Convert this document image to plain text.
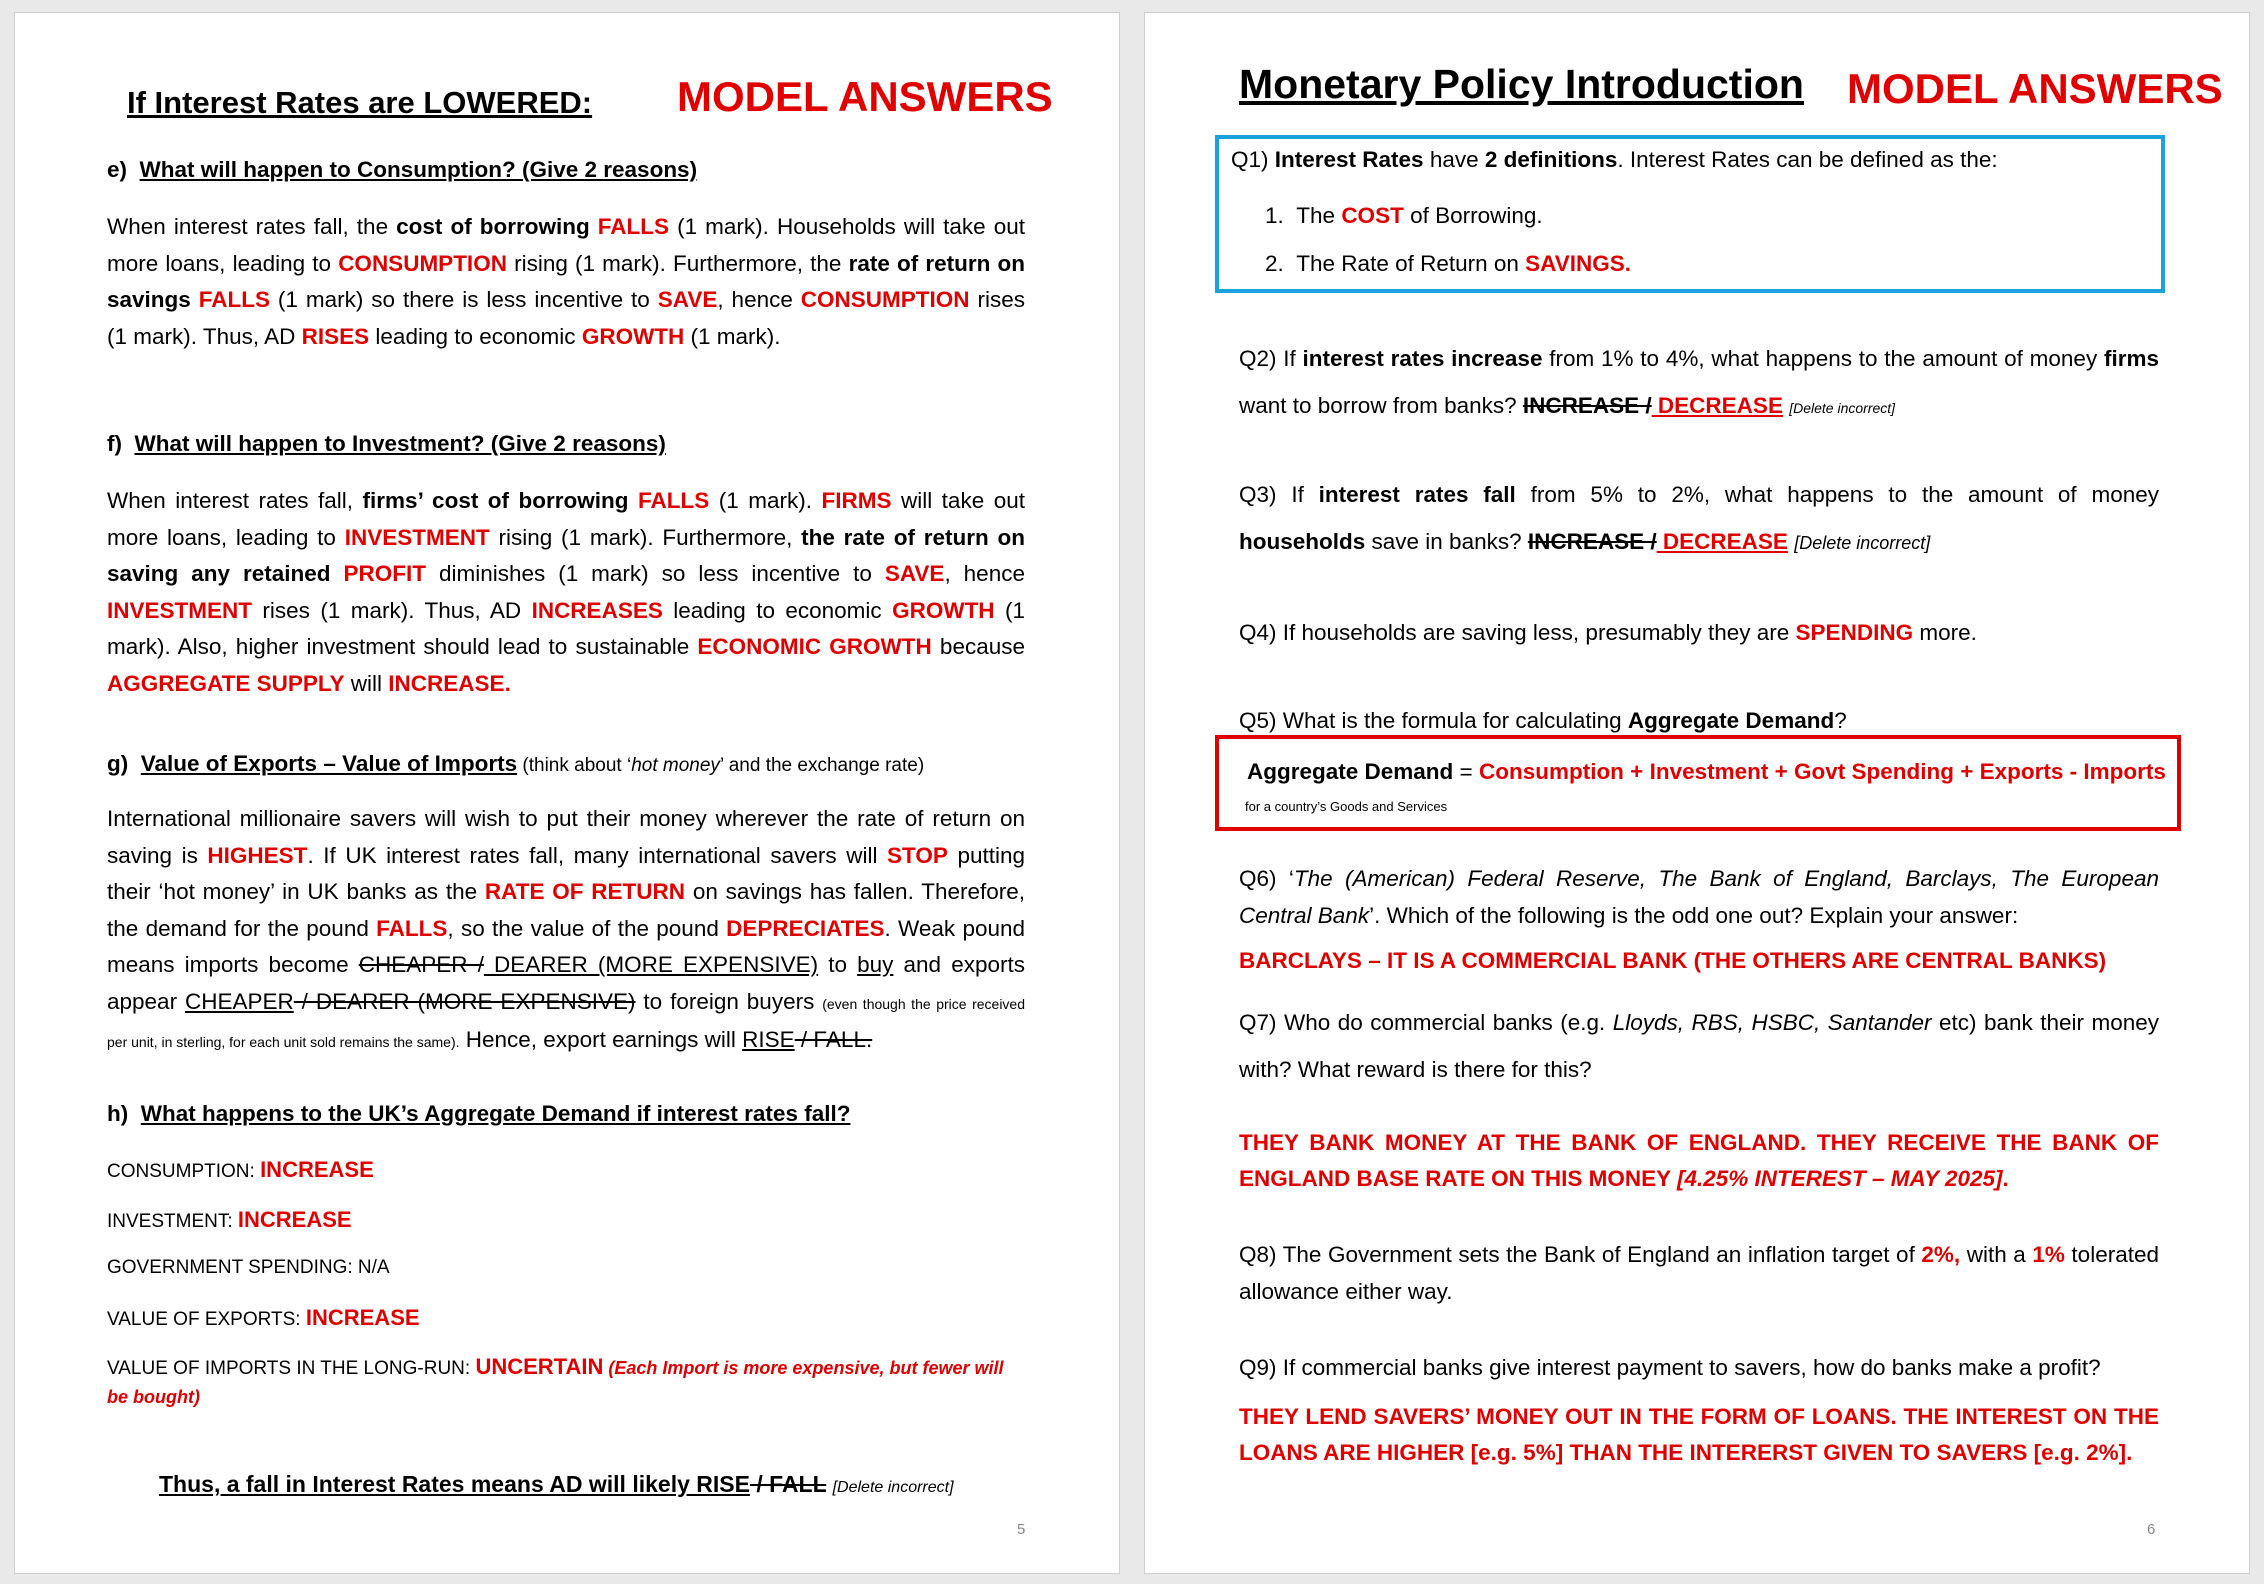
If Interest Rates are LOWERED: MODEL ANSWERS
e) What will happen to Consumption? (Give 2 reasons)
When interest rates fall, the cost of borrowing FALLS (1 mark). Households will take out more loans, leading to CONSUMPTION rising (1 mark). Furthermore, the rate of return on savings FALLS (1 mark) so there is less incentive to SAVE, hence CONSUMPTION rises (1 mark). Thus, AD RISES leading to economic GROWTH (1 mark).
f) What will happen to Investment? (Give 2 reasons)
When interest rates fall, firms’ cost of borrowing FALLS (1 mark). FIRMS will take out more loans, leading to INVESTMENT rising (1 mark). Furthermore, the rate of return on saving any retained PROFIT diminishes (1 mark) so less incentive to SAVE, hence INVESTMENT rises (1 mark). Thus, AD INCREASES leading to economic GROWTH (1 mark). Also, higher investment should lead to sustainable ECONOMIC GROWTH because AGGREGATE SUPPLY will INCREASE.
g) Value of Exports – Value of Imports (think about ‘hot money’ and the exchange rate)
International millionaire savers will wish to put their money wherever the rate of return on saving is HIGHEST. If UK interest rates fall, many international savers will STOP putting their ‘hot money’ in UK banks as the RATE OF RETURN on savings has fallen. Therefore, the demand for the pound FALLS, so the value of the pound DEPRECIATES. Weak pound means imports become CHEAPER / DEARER (MORE EXPENSIVE) to buy and exports appear CHEAPER / DEARER (MORE EXPENSIVE) to foreign buyers (even though the price received per unit, in sterling, for each unit sold remains the same). Hence, export earnings will RISE / FALL.
h) What happens to the UK’s Aggregate Demand if interest rates fall?
CONSUMPTION: INCREASE
INVESTMENT: INCREASE
GOVERNMENT SPENDING: N/A
VALUE OF EXPORTS: INCREASE
VALUE OF IMPORTS IN THE LONG-RUN: UNCERTAIN (Each Import is more expensive, but fewer will be bought)
Thus, a fall in Interest Rates means AD will likely RISE / FALL [Delete incorrect]
5
Monetary Policy Introduction MODEL ANSWERS
Q1) Interest Rates have 2 definitions. Interest Rates can be defined as the:
1. The COST of Borrowing.
2. The Rate of Return on SAVINGS.
Q2) If interest rates increase from 1% to 4%, what happens to the amount of money firms want to borrow from banks? INCREASE / DECREASE [Delete incorrect]
Q3) If interest rates fall from 5% to 2%, what happens to the amount of money households save in banks? INCREASE / DECREASE [Delete incorrect]
Q4) If households are saving less, presumably they are SPENDING more.
Q5) What is the formula for calculating Aggregate Demand?
Aggregate Demand = Consumption + Investment + Govt Spending + Exports - Imports
for a country’s Goods and Services
Q6) ‘The (American) Federal Reserve, The Bank of England, Barclays, The European Central Bank’. Which of the following is the odd one out? Explain your answer:
BARCLAYS – IT IS A COMMERCIAL BANK (THE OTHERS ARE CENTRAL BANKS)
Q7) Who do commercial banks (e.g. Lloyds, RBS, HSBC, Santander etc) bank their money with? What reward is there for this?
THEY BANK MONEY AT THE BANK OF ENGLAND. THEY RECEIVE THE BANK OF ENGLAND BASE RATE ON THIS MONEY [4.25% INTEREST – MAY 2025].
Q8) The Government sets the Bank of England an inflation target of 2%, with a 1% tolerated allowance either way.
Q9) If commercial banks give interest payment to savers, how do banks make a profit?
THEY LEND SAVERS’ MONEY OUT IN THE FORM OF LOANS. THE INTEREST ON THE LOANS ARE HIGHER [e.g. 5%] THAN THE INTERERST GIVEN TO SAVERS [e.g. 2%].
6
